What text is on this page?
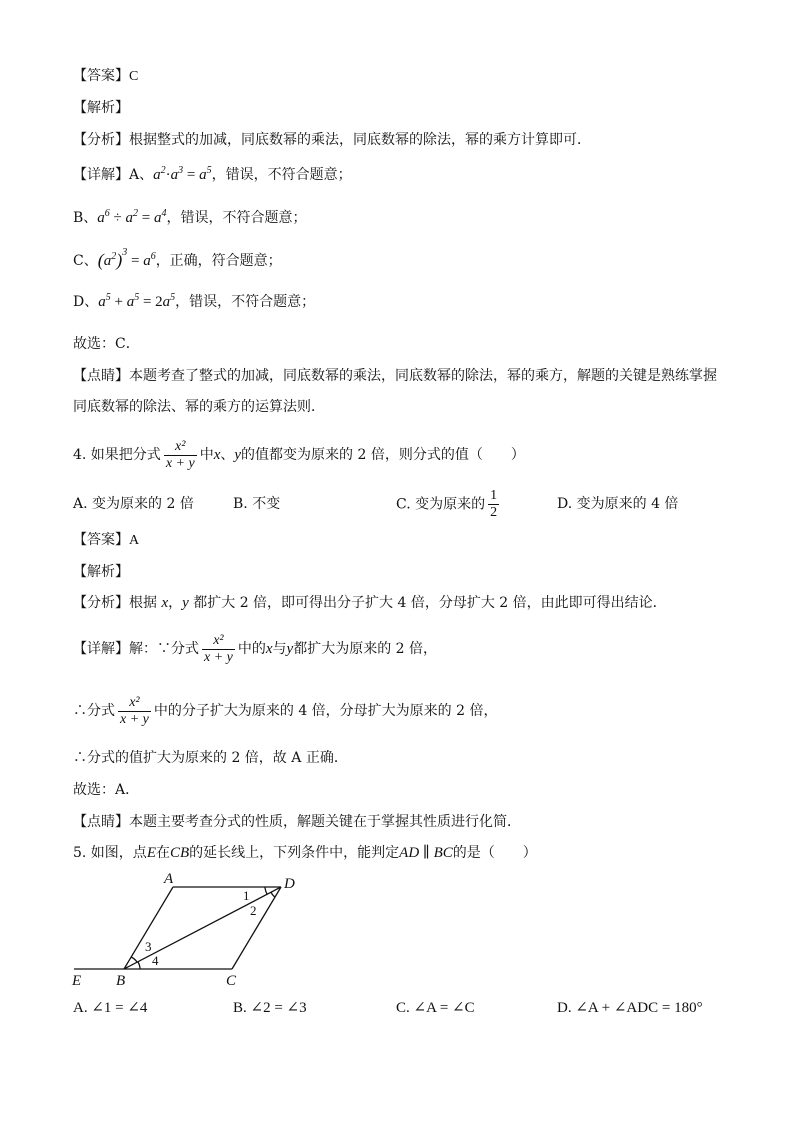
【答案】C
【解析】
【分析】根据整式的加减，同底数幂的乘法，同底数幂的除法，幂的乘方计算即可．
【详解】A、$a^2\cdot a^3 = a^5$，错误，不符合题意；
B、$a^6 \div a^2 = a^4$，错误，不符合题意；
C、$(a^2)^3 = a^6$，正确，符合题意；
D、$a^5 + a^5 = 2a^5$，错误，不符合题意；
故选：C．
【点睛】本题考查了整式的加减，同底数幂的乘法，同底数幂的除法，幂的乘方，解题的关键是熟练掌握
同底数幂的除法、幂的乘方的运算法则．
4. 如果把分式 $\frac{\text{x²}}{x + y}$ 中x、y的值都变为原来的 2 倍，则分式的值（　　）
A. 变为原来的 2 倍	B. 不变	C. 变为原来的 $\frac{1}{2}$	D. 变为原来的 4 倍
【答案】A
【解析】
【分析】根据 x，y 都扩大 2 倍，即可得出分子扩大 4 倍，分母扩大 2 倍，由此即可得出结论．
【详解】解：∵分式 $\frac{\text{x²}}{x + y}$ 中的x与y都扩大为原来的 2 倍，
∴分式 $\frac{\text{x²}}{x + y}$ 中的分子扩大为原来的 4 倍，分母扩大为原来的 2 倍，
∴分式的值扩大为原来的 2 倍，故 A 正确．
故选：A．
【点睛】本题主要考查分式的性质，解题关键在于掌握其性质进行化简．
5. 如图，点E在CB的延长线上，下列条件中，能判定AD ∥ BC的是（　　）
A	D
B	C
E
1
2
3
4
A. ∠1 = ∠4	B. ∠2 = ∠3	C. ∠A = ∠C	D. ∠A + ∠ADC = 180°
